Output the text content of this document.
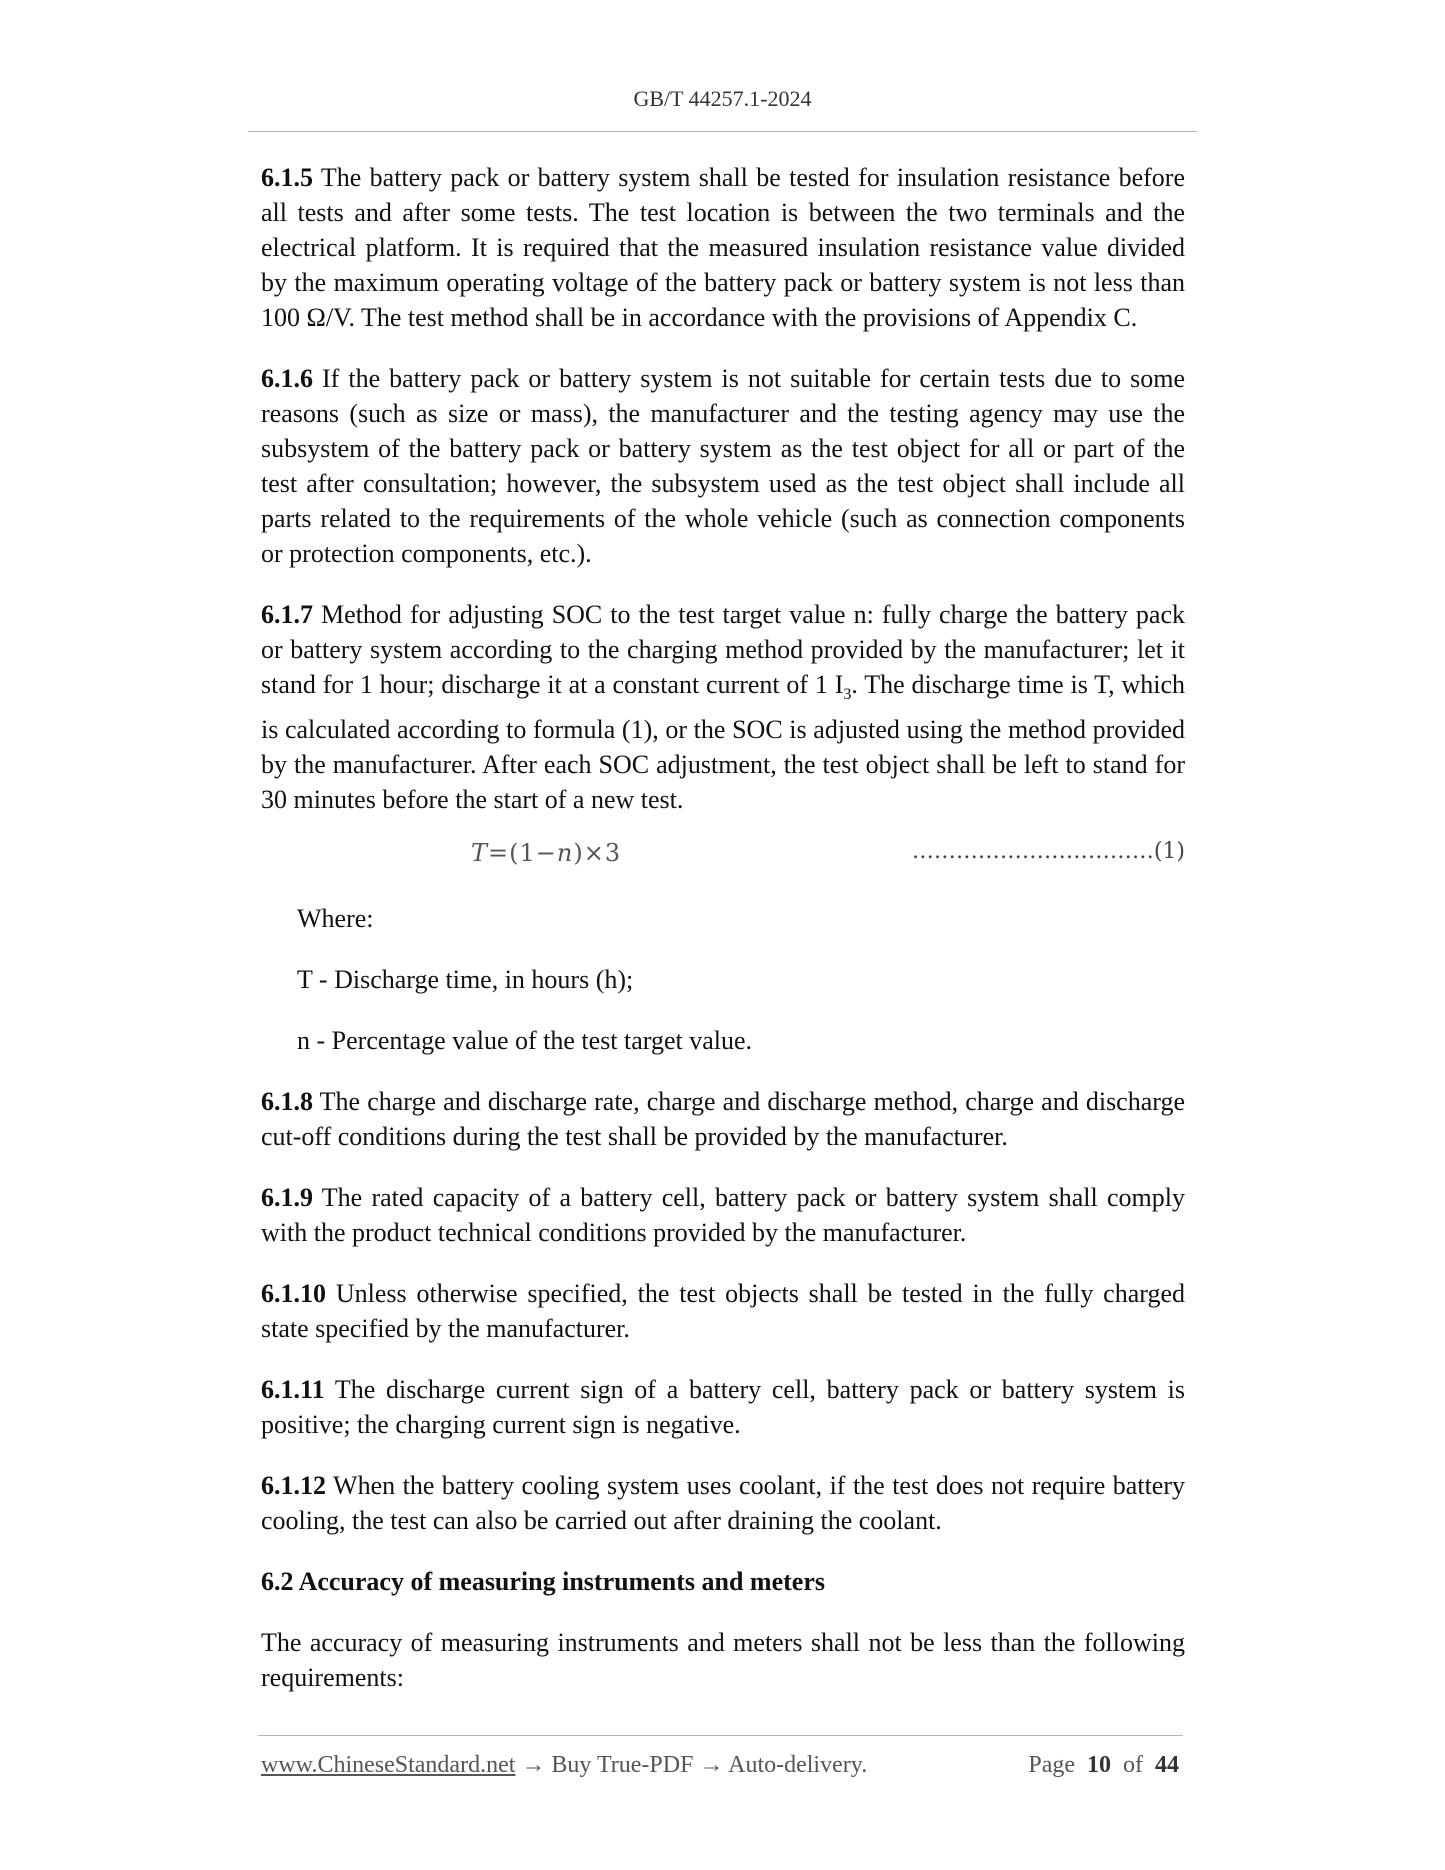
GB/T 44257.1-2024

6.1.5 The battery pack or battery system shall be tested for insulation resistance before all tests and after some tests. The test location is between the two terminals and the electrical platform. It is required that the measured insulation resistance value divided by the maximum operating voltage of the battery pack or battery system is not less than 100 Ω/V. The test method shall be in accordance with the provisions of Appendix C.

6.1.6 If the battery pack or battery system is not suitable for certain tests due to some reasons (such as size or mass), the manufacturer and the testing agency may use the subsystem of the battery pack or battery system as the test object for all or part of the test after consultation; however, the subsystem used as the test object shall include all parts related to the requirements of the whole vehicle (such as connection components or protection components, etc.).

6.1.7 Method for adjusting SOC to the test target value n: fully charge the battery pack or battery system according to the charging method provided by the manufacturer; let it stand for 1 hour; discharge it at a constant current of 1 $I_3$. The discharge time is T, which is calculated according to formula (1), or the SOC is adjusted using the method provided by the manufacturer. After each SOC adjustment, the test object shall be left to stand for 30 minutes before the start of a new test.

T=(1−n)×3	……………………………(1)

Where:

T - Discharge time, in hours (h);

n - Percentage value of the test target value.

6.1.8 The charge and discharge rate, charge and discharge method, charge and discharge cut-off conditions during the test shall be provided by the manufacturer.

6.1.9 The rated capacity of a battery cell, battery pack or battery system shall comply with the product technical conditions provided by the manufacturer.

6.1.10 Unless otherwise specified, the test objects shall be tested in the fully charged state specified by the manufacturer.

6.1.11 The discharge current sign of a battery cell, battery pack or battery system is positive; the charging current sign is negative.

6.1.12 When the battery cooling system uses coolant, if the test does not require battery cooling, the test can also be carried out after draining the coolant.

6.2 Accuracy of measuring instruments and meters

The accuracy of measuring instruments and meters shall not be less than the following requirements:

www.ChineseStandard.net → Buy True-PDF → Auto-delivery.	Page 10 of 44
